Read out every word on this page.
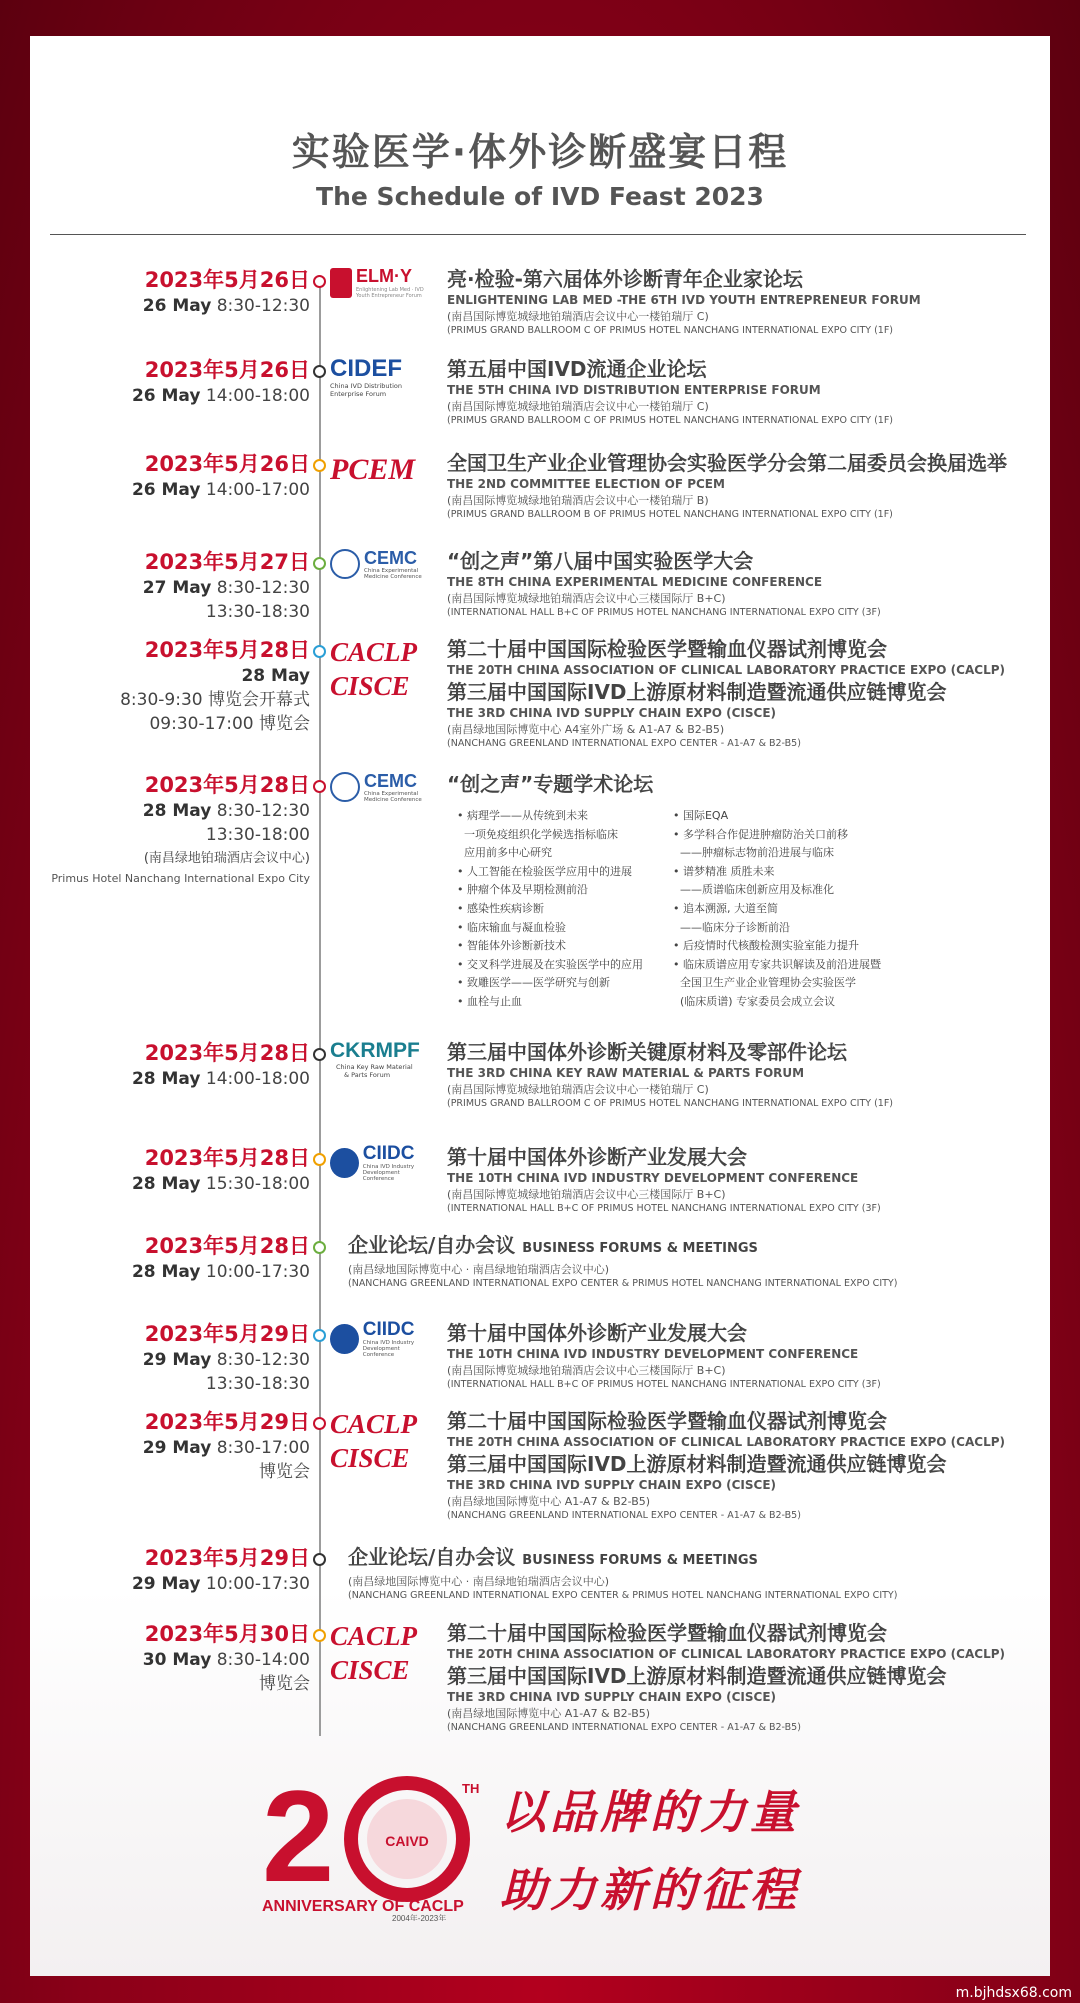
实验医学·体外诊断盛宴日程
The Schedule of IVD Feast 2023
2023年5月26日
26 May 8:30-12:30
ELM·Y
Enlightening Lab Med · IVD Youth Entrepreneur Forum
亮·检验-第六届体外诊断青年企业家论坛
ENLIGHTENING LAB MED -THE 6TH IVD YOUTH ENTREPRENEUR FORUM
(南昌国际博览城绿地铂瑞酒店会议中心一楼铂瑞厅 C)
(PRIMUS GRAND BALLROOM C OF PRIMUS HOTEL NANCHANG INTERNATIONAL EXPO CITY (1F)
2023年5月26日
26 May 14:00-18:00
CIDEF
China IVD Distribution
Enterprise Forum
第五届中国IVD流通企业论坛
THE 5TH CHINA IVD DISTRIBUTION ENTERPRISE FORUM
(南昌国际博览城绿地铂瑞酒店会议中心一楼铂瑞厅 C)
(PRIMUS GRAND BALLROOM C OF PRIMUS HOTEL NANCHANG INTERNATIONAL EXPO CITY (1F)
2023年5月26日
26 May 14:00-17:00
PCEM	全国卫生产业企业管理协会实验医学分会第二届委员会换届选举
THE 2ND COMMITTEE ELECTION OF PCEM
(南昌国际博览城绿地铂瑞酒店会议中心一楼铂瑞厅 B)
(PRIMUS GRAND BALLROOM B OF PRIMUS HOTEL NANCHANG INTERNATIONAL EXPO CITY (1F)
2023年5月27日
27 May 8:30-12:30
13:30-18:30
CEMC
China Experimental
Medicine Conference
“创之声”第八届中国实验医学大会
THE 8TH CHINA EXPERIMENTAL MEDICINE CONFERENCE
(南昌国际博览城绿地铂瑞酒店会议中心三楼国际厅 B+C)
(INTERNATIONAL HALL B+C OF PRIMUS HOTEL NANCHANG INTERNATIONAL EXPO CITY (3F)
2023年5月28日
28 May
8:30-9:30 博览会开幕式
09:30-17:00 博览会
CACLP
CISCE
第二十届中国国际检验医学暨输血仪器试剂博览会
THE 20TH CHINA ASSOCIATION OF CLINICAL LABORATORY PRACTICE EXPO (CACLP)
第三届中国国际IVD上游原材料制造暨流通供应链博览会
THE 3RD CHINA IVD SUPPLY CHAIN EXPO (CISCE)
(南昌绿地国际博览中心 A4室外广场 & A1-A7 & B2-B5)
(NANCHANG GREENLAND INTERNATIONAL EXPO CENTER - A1-A7 & B2-B5)
2023年5月28日
28 May 8:30-12:30
13:30-18:00
(南昌绿地铂瑞酒店会议中心)
Primus Hotel Nanchang International Expo City
CEMC
China Experimental
Medicine Conference
“创之声”专题学术论坛
• 病理学——从传统到未来
一项免疫组织化学候选指标临床
应用前多中心研究
• 人工智能在检验医学应用中的进展
• 肿瘤个体及早期检测前沿
• 感染性疾病诊断
• 临床输血与凝血检验
• 智能体外诊断新技术
• 交叉科学进展及在实验医学中的应用
• 致雕医学——医学研究与创新
• 血栓与止血
• 国际EQA
• 多学科合作促进肿瘤防治关口前移
——肿瘤标志物前沿进展与临床
• 谱梦精准 质胜未来
——质谱临床创新应用及标准化
• 追本溯源, 大道至简
——临床分子诊断前沿
• 后疫情时代核酸检测实验室能力提升
• 临床质谱应用专家共识解读及前沿进展暨
全国卫生产业企业管理协会实验医学
(临床质谱) 专家委员会成立会议
2023年5月28日
28 May 14:00-18:00
CKRMPF
China Key Raw Material
& Parts Forum
第三届中国体外诊断关键原材料及零部件论坛
THE 3RD CHINA KEY RAW MATERIAL & PARTS FORUM
(南昌国际博览城绿地铂瑞酒店会议中心一楼铂瑞厅 C)
(PRIMUS GRAND BALLROOM C OF PRIMUS HOTEL NANCHANG INTERNATIONAL EXPO CITY (1F)
2023年5月28日
28 May 15:30-18:00
CIIDC
China IVD Industry
Development Conference
第十届中国体外诊断产业发展大会
THE 10TH CHINA IVD INDUSTRY DEVELOPMENT CONFERENCE
(南昌国际博览城绿地铂瑞酒店会议中心三楼国际厅 B+C)
(INTERNATIONAL HALL B+C OF PRIMUS HOTEL NANCHANG INTERNATIONAL EXPO CITY (3F)
2023年5月28日
28 May 10:00-17:30
企业论坛/自办会议 BUSINESS FORUMS & MEETINGS
(南昌绿地国际博览中心 · 南昌绿地铂瑞酒店会议中心)
(NANCHANG GREENLAND INTERNATIONAL EXPO CENTER & PRIMUS HOTEL NANCHANG INTERNATIONAL EXPO CITY)
2023年5月29日
29 May 8:30-12:30
13:30-18:30
CIIDC
China IVD Industry
Development Conference
第十届中国体外诊断产业发展大会
THE 10TH CHINA IVD INDUSTRY DEVELOPMENT CONFERENCE
(南昌国际博览城绿地铂瑞酒店会议中心三楼国际厅 B+C)
(INTERNATIONAL HALL B+C OF PRIMUS HOTEL NANCHANG INTERNATIONAL EXPO CITY (3F)
2023年5月29日
29 May 8:30-17:00
博览会
CACLP
CISCE
第二十届中国国际检验医学暨输血仪器试剂博览会
THE 20TH CHINA ASSOCIATION OF CLINICAL LABORATORY PRACTICE EXPO (CACLP)
第三届中国国际IVD上游原材料制造暨流通供应链博览会
THE 3RD CHINA IVD SUPPLY CHAIN EXPO (CISCE)
(南昌绿地国际博览中心 A1-A7 & B2-B5)
(NANCHANG GREENLAND INTERNATIONAL EXPO CENTER - A1-A7 & B2-B5)
2023年5月29日
29 May 10:00-17:30
企业论坛/自办会议 BUSINESS FORUMS & MEETINGS
(南昌绿地国际博览中心 · 南昌绿地铂瑞酒店会议中心)
(NANCHANG GREENLAND INTERNATIONAL EXPO CENTER & PRIMUS HOTEL NANCHANG INTERNATIONAL EXPO CITY)
2023年5月30日
30 May 8:30-14:00
博览会
CACLP
CISCE
第二十届中国国际检验医学暨输血仪器试剂博览会
THE 20TH CHINA ASSOCIATION OF CLINICAL LABORATORY PRACTICE EXPO (CACLP)
第三届中国国际IVD上游原材料制造暨流通供应链博览会
THE 3RD CHINA IVD SUPPLY CHAIN EXPO (CISCE)
(南昌绿地国际博览中心 A1-A7 & B2-B5)
(NANCHANG GREENLAND INTERNATIONAL EXPO CENTER - A1-A7 & B2-B5)
2	CAIVD
TH
ANNIVERSARY OF CACLP
2004年-2023年
以品牌的力量
助力新的征程
m.bjhdsx68.com
